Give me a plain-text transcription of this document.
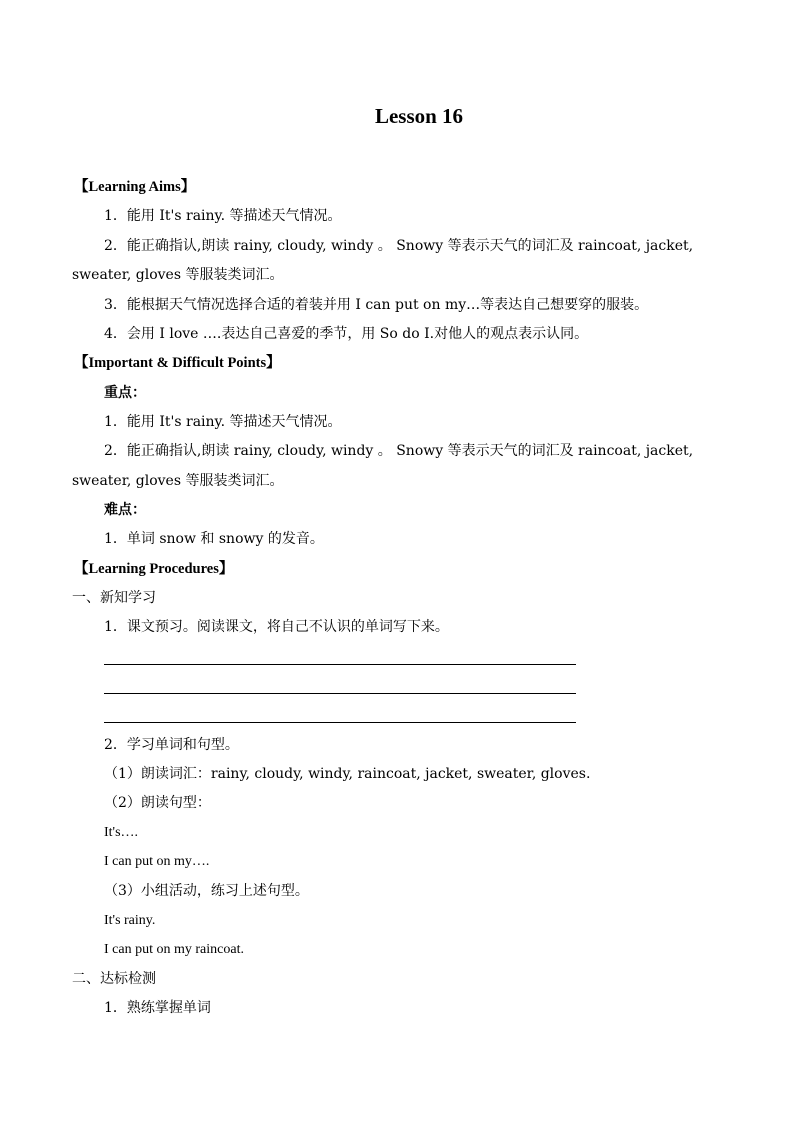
Lesson 16
【Learning Aims】
1．能用 It's rainy. 等描述天气情况。
2．能正确指认,朗读 rainy, cloudy, windy 。 Snowy 等表示天气的词汇及 raincoat, jacket,
sweater, gloves 等服装类词汇。
3．能根据天气情况选择合适的着装并用 I can put on my…等表达自己想要穿的服装。
4．会用 I love ….表达自己喜爱的季节，用 So do I.对他人的观点表示认同。
【Important & Difficult Points】
重点：
1．能用 It's rainy. 等描述天气情况。
2．能正确指认,朗读 rainy, cloudy, windy 。 Snowy 等表示天气的词汇及 raincoat, jacket,
sweater, gloves 等服装类词汇。
难点：
1．单词 snow 和 snowy 的发音。
【Learning Procedures】
一、新知学习
1．课文预习。阅读课文，将自己不认识的单词写下来。
2．学习单词和句型。
（1）朗读词汇：rainy, cloudy, windy, raincoat, jacket, sweater, gloves.
（2）朗读句型：
It's….
I can put on my….
（3）小组活动，练习上述句型。
It's rainy.
I can put on my raincoat.
二、达标检测
1．熟练掌握单词
